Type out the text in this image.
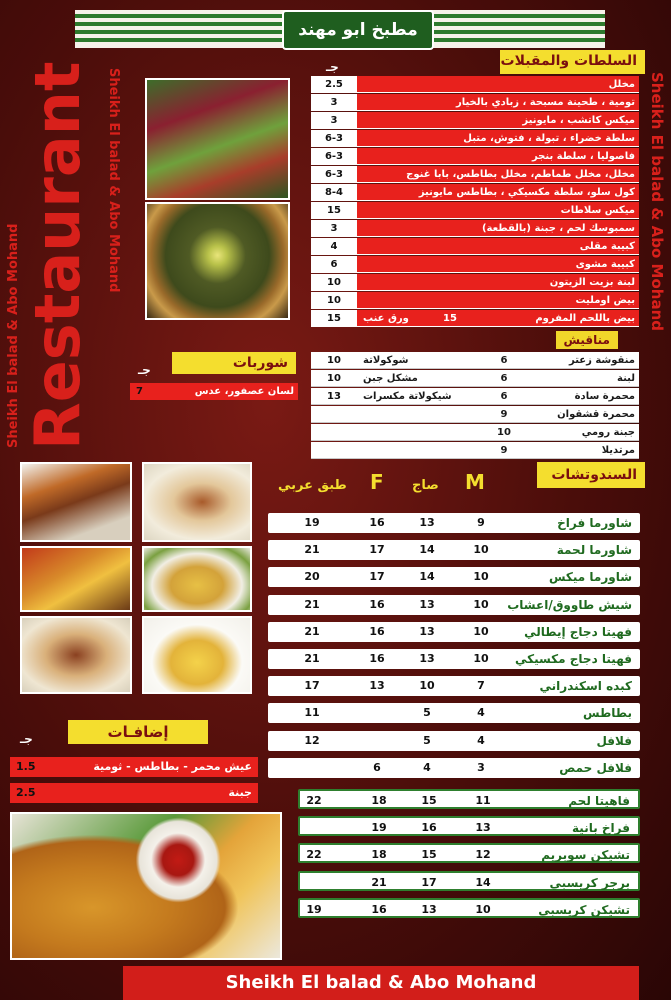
مطبخ ابو مهند
Restaurant
Sheikh El balad & Abo Mohand
Sheikh El balad & Abo Mohand	Sheikh El balad & Abo Mohand
السلطات والمقبلات
جـ
مخلل
2.5
تومية ، طحينة مسبحة ، زبادي بالخيار
3
ميكس كاتشب ، مايونيز
3
سلطة خضراء ، تبولة ، فتوش، متبل
6-3
فاصوليا ، سلطة بنجر
6-3
مخلل، مخلل طماطم، مخلل بطاطس، بابا غنوج
6-3
كول سلو، سلطة مكسيكي ، بطاطس مايونيز
8-4
ميكس سلاطات
15
سمبوسك لحم ، جبنة (بالقطعة)
3
كبيبة مقلى
4
كبيبة مشوى
6
لبنة بزيت الزيتون
10
بيض اومليت
10
بيض باللحم المفروم
15
ورق عنب
15
مناقيش
منقوشة زعتر
6
شوكولاتة
10
لبنة
6
مشكل جبن
10
محمرة سادة
6
شيكولاتة مكسرات
13
محمرة قشقوان
9
جبنة رومي
10
مرتديلا
9
شوربات
جـ
لسان عصفور، عدس
7
السندوتشات
M
صاج
F
طبق عربي
شاورما فراخ
9
13
16
19
شاورما لحمة
10
14
17
21
شاورما ميكس
10
14
17
20
شيش طاووق/اعشاب
10
13
16
21
فهيتا دجاج إيطالي
10
13
16
21
فهيتا دجاج مكسيكي
10
13
16
21
كبده اسكندراني
7
10
13
17
بطاطس
4
5
11
فلافل
4
5
12
فلافل حمص
3
4
6
فاهيتا لحم
11
15
18
22
فراخ بانية
13
16
19
تشيكن سوبريم
12
15
18
22
برجر كريسبي
14
17
21
تشيكن كريسبي
10
13
16
19
إضافـات
جـ
عيش محمر - بطاطس - ثومية
1.5
جبنة
2.5
Sheikh El balad & Abo Mohand
